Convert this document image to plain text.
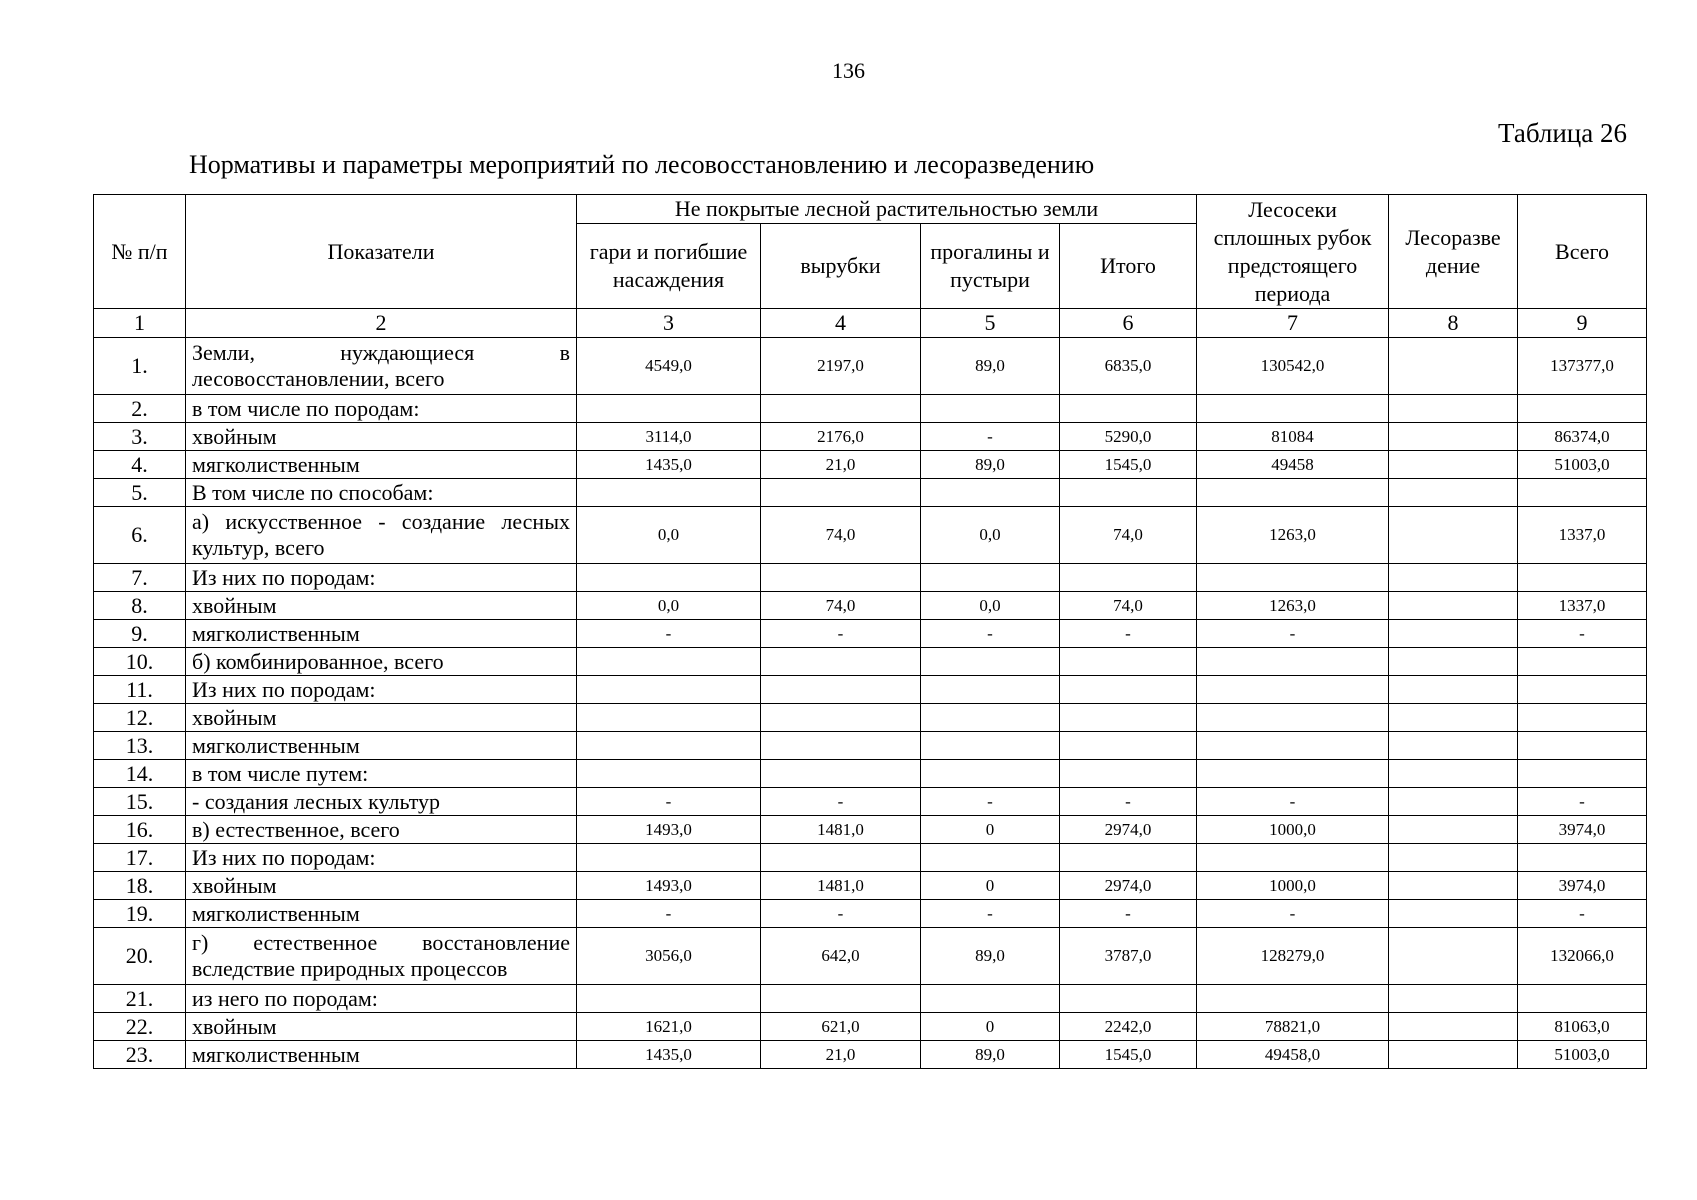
136
Таблица 26
Нормативы и параметры мероприятий по лесовосстановлению и лесоразведению
№ п/п	Показатели	Не покрытые лесной растительностью земли				Лесосеки сплошных рубок предстоящего периода	Лесоразве дение	Всего
		гари и погибшие насаждения	вырубки	прогалины и пустыри	Итого			
1	2	3	4	5	6	7	8	9
1.	Земли, нуждающиеся в лесовосстановлении, всего	4549,0	2197,0	89,0	6835,0	130542,0		137377,0
2.	в том числе по породам:							
3.	хвойным	3114,0	2176,0	-	5290,0	81084		86374,0
4.	мягколиственным	1435,0	21,0	89,0	1545,0	49458		51003,0
5.	В том числе по способам:							
6.	а) искусственное - создание лесных культур, всего	0,0	74,0	0,0	74,0	1263,0		1337,0
7.	Из них по породам:							
8.	хвойным	0,0	74,0	0,0	74,0	1263,0		1337,0
9.	мягколиственным	-	-	-	-	-		-
10.	б) комбинированное, всего							
11.	Из них по породам:							
12.	хвойным							
13.	мягколиственным							
14.	в том числе путем:							
15.	- создания лесных культур	-	-	-	-	-		-
16.	в) естественное, всего	1493,0	1481,0	0	2974,0	1000,0		3974,0
17.	Из них по породам:							
18.	хвойным	1493,0	1481,0	0	2974,0	1000,0		3974,0
19.	мягколиственным	-	-	-	-	-		-
20.	г) естественное восстановление вследствие природных процессов	3056,0	642,0	89,0	3787,0	128279,0		132066,0
21.	из него по породам:							
22.	хвойным	1621,0	621,0	0	2242,0	78821,0		81063,0
23.	мягколиственным	1435,0	21,0	89,0	1545,0	49458,0		51003,0
